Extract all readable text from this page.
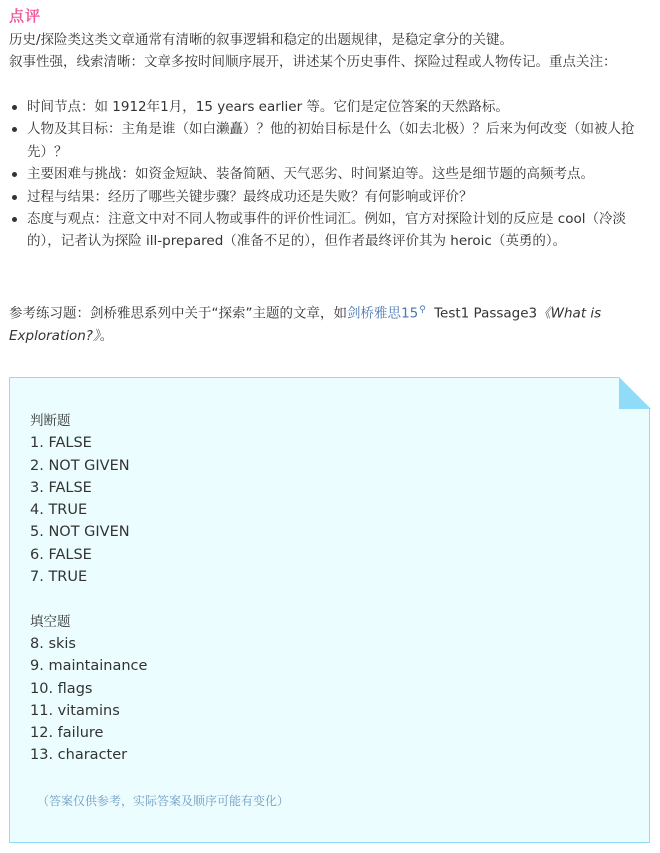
点评

历史/探险类这类文章通常有清晰的叙事逻辑和稳定的出题规律，是稳定拿分的关键。

叙事性强，线索清晰：文章多按时间顺序展开，讲述某个历史事件、探险过程或人物传记。重点关注：

时间节点：如 1912年1月，15 years earlier 等。它们是定位答案的天然路标。
人物及其目标：主角是谁（如白濑矗）？他的初始目标是什么（如去北极）？后来为何改变（如被人抢先）？
主要困难与挑战：如资金短缺、装备简陋、天气恶劣、时间紧迫等。这些是细节题的高频考点。
过程与结果：经历了哪些关键步骤？最终成功还是失败？有何影响或评价？
态度与观点：注意文中对不同人物或事件的评价性词汇。例如，官方对探险计划的反应是 cool（冷淡的），记者认为探险 ill-prepared（准备不足的），但作者最终评价其为 heroic（英勇的）。
参考练习题：剑桥雅思系列中关于“探索”主题的文章，如剑桥雅思15⚲ Test1 Passage3《What is Exploration?》。
判断题
1. FALSE
2. NOT GIVEN
3. FALSE
4. TRUE
5. NOT GIVEN
6. FALSE
7. TRUE
填空题
8. skis
9. maintainance
10. flags
11. vitamins
12. failure
13. character
（答案仅供参考，实际答案及顺序可能有变化）
